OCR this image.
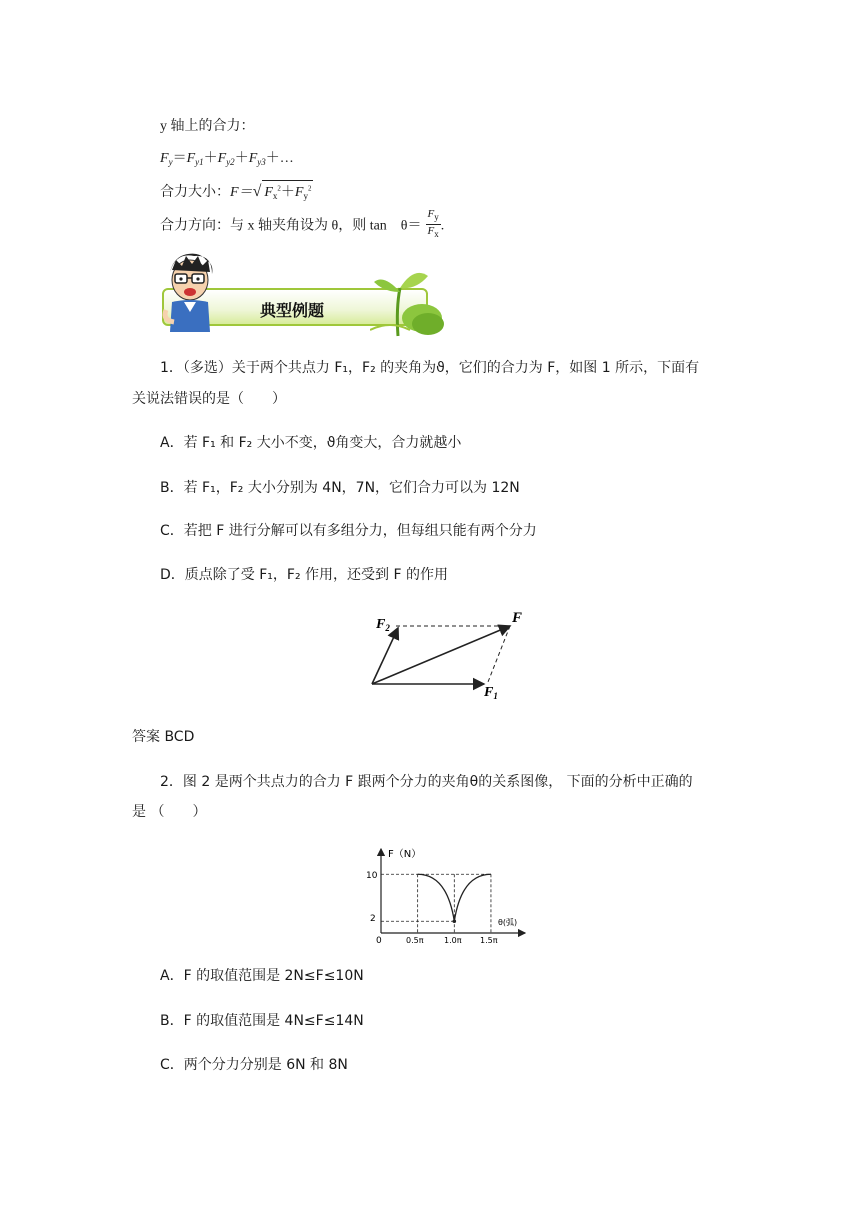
y 轴上的合力：
$F_y=F_{y1}+F_{y2}+F_{y3}+\dots$
合力大小：F＝√ $F_x^2+F_y^2$
合力方向：与 x 轴夹角设为 θ，则 tan　$\theta= \frac{F_y}{F_x}$ .
典型例题
1．（多选）关于两个共点力 F₁，F₂ 的夹角为ϑ，它们的合力为 F，如图 1 所示，下面有
关说法错误的是（　　）
A．若 F₁ 和 F₂ 大小不变，ϑ角变大，合力就越小
B．若 F₁，F₂ 大小分别为 4N，7N，它们合力可以为 12N
C．若把 F 进行分解可以有多组分力，但每组只能有两个分力
D．质点除了受 F₁，F₂ 作用，还受到 F 的作用
$F_2$
F
$F_1$
答案 BCD
2．图 2 是两个共点力的合力 F 跟两个分力的夹角θ的关系图像， 下面的分析中正确的
是 （　　）
F（N）
θ(弧)
0
10
2
0.5π	1.0π 1.5π
A．F 的取值范围是 2N≤F≤10N
B．F 的取值范围是 4N≤F≤14N
C．两个分力分别是 6N 和 8N
